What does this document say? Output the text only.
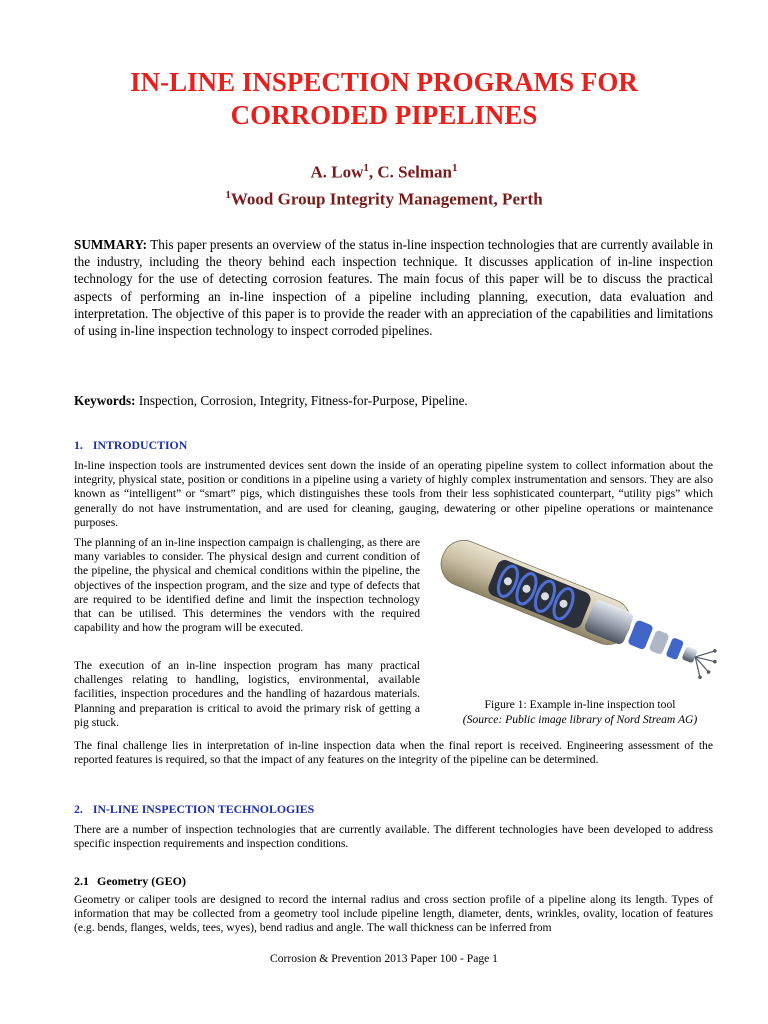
IN-LINE INSPECTION PROGRAMS FOR
CORRODED PIPELINES
A. Low$^1$, C. Selman$^1$
$^1$Wood Group Integrity Management, Perth
SUMMARY: This paper presents an overview of the status in-line inspection technologies that are currently available in the industry, including the theory behind each inspection technique. It discusses application of in-line inspection technology for the use of detecting corrosion features. The main focus of this paper will be to discuss the practical aspects of performing an in-line inspection of a pipeline including planning, execution, data evaluation and interpretation. The objective of this paper is to provide the reader with an appreciation of the capabilities and limitations of using in-line inspection technology to inspect corroded pipelines.
Keywords: Inspection, Corrosion, Integrity, Fitness-for-Purpose, Pipeline.
1. INTRODUCTION

In-line inspection tools are instrumented devices sent down the inside of an operating pipeline system to collect information about the integrity, physical state, position or conditions in a pipeline using a variety of highly complex instrumentation and sensors. They are also known as “intelligent” or “smart” pigs, which distinguishes these tools from their less sophisticated counterpart, “utility pigs” which generally do not have instrumentation, and are used for cleaning, gauging, dewatering or other pipeline operations or maintenance purposes.

The planning of an in-line inspection campaign is challenging, as there are many variables to consider. The physical design and current condition of the pipeline, the physical and chemical conditions within the pipeline, the objectives of the inspection program, and the size and type of defects that are required to be identified define and limit the inspection technology that can be utilised. This determines the vendors with the required capability and how the program will be executed.

The execution of an in-line inspection program has many practical challenges relating to handling, logistics, environmental, available facilities, inspection procedures and the handling of hazardous materials. Planning and preparation is critical to avoid the primary risk of getting a pig stuck.

Figure 1: Example in-line inspection tool
(Source: Public image library of Nord Stream AG)

The final challenge lies in interpretation of in-line inspection data when the final report is received. Engineering assessment of the reported features is required, so that the impact of any features on the integrity of the pipeline can be determined.

2. IN-LINE INSPECTION TECHNOLOGIES

There are a number of inspection technologies that are currently available. The different technologies have been developed to address specific inspection requirements and inspection conditions.

2.1 Geometry (GEO)

Geometry or caliper tools are designed to record the internal radius and cross section profile of a pipeline along its length. Types of information that may be collected from a geometry tool include pipeline length, diameter, dents, wrinkles, ovality, location of features (e.g. bends, flanges, welds, tees, wyes), bend radius and angle. The wall thickness can be inferred from

Corrosion & Prevention 2013 Paper 100 - Page 1
